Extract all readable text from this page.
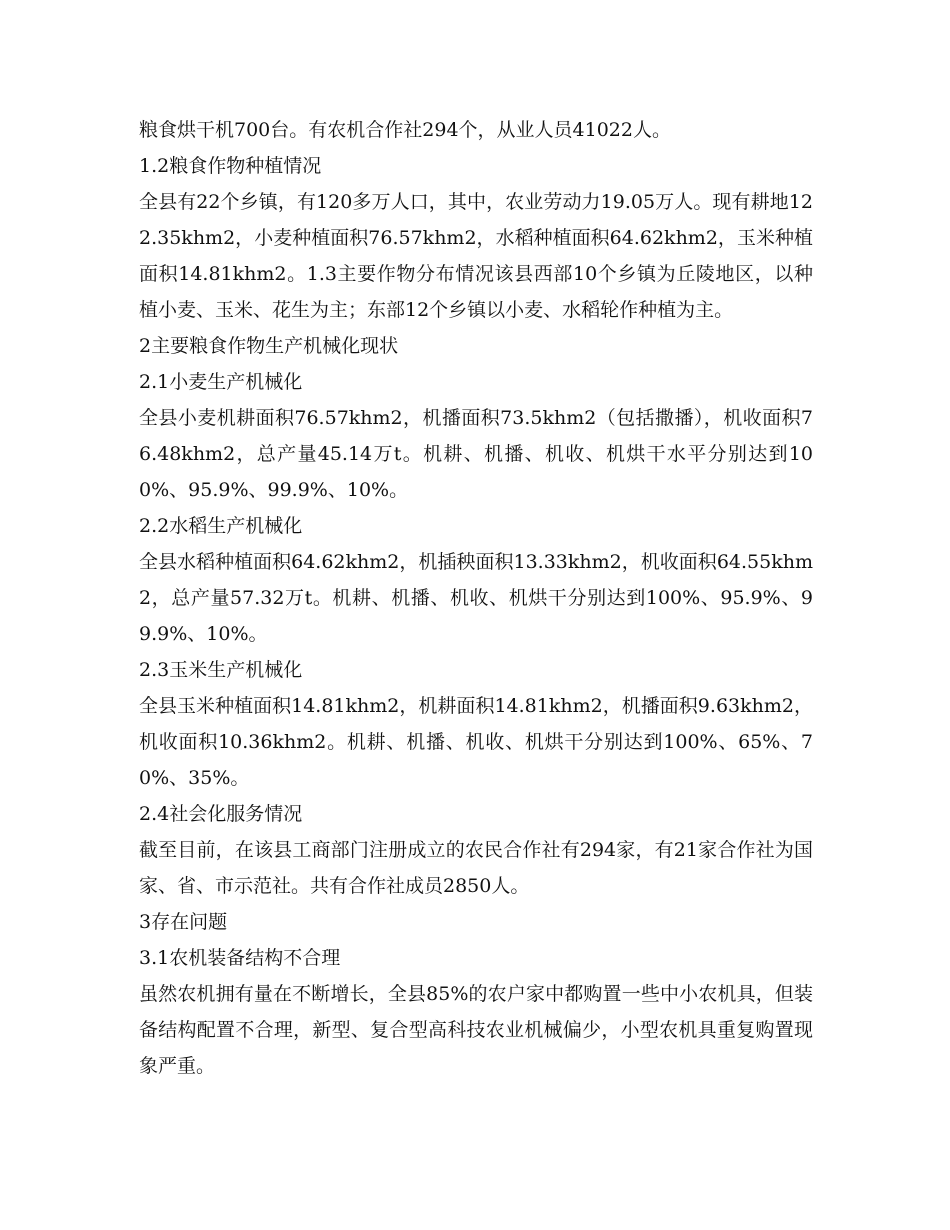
粮食烘干机700台。有农机合作社294个，从业人员41022人。

1.2粮食作物种植情况

全县有22个乡镇，有120多万人口，其中，农业劳动力19.05万人。现有耕地122.35khm2，小麦种植面积76.57khm2，水稻种植面积64.62khm2，玉米种植面积14.81khm2。1.3主要作物分布情况该县西部10个乡镇为丘陵地区，以种植小麦、玉米、花生为主；东部12个乡镇以小麦、水稻轮作种植为主。

2主要粮食作物生产机械化现状

2.1小麦生产机械化

全县小麦机耕面积76.57khm2，机播面积73.5khm2（包括撒播），机收面积76.48khm2，总产量45.14万t。机耕、机播、机收、机烘干水平分别达到100%、95.9%、99.9%、10%。

2.2水稻生产机械化

全县水稻种植面积64.62khm2，机插秧面积13.33khm2，机收面积64.55khm2，总产量57.32万t。机耕、机播、机收、机烘干分别达到100%、95.9%、99.9%、10%。

2.3玉米生产机械化

全县玉米种植面积14.81khm2，机耕面积14.81khm2，机播面积9.63khm2，机收面积10.36khm2。机耕、机播、机收、机烘干分别达到100%、65%、70%、35%。

2.4社会化服务情况

截至目前，在该县工商部门注册成立的农民合作社有294家，有21家合作社为国家、省、市示范社。共有合作社成员2850人。

3存在问题

3.1农机装备结构不合理

虽然农机拥有量在不断增长，全县85%的农户家中都购置一些中小农机具，但装备结构配置不合理，新型、复合型高科技农业机械偏少，小型农机具重复购置现象严重。
